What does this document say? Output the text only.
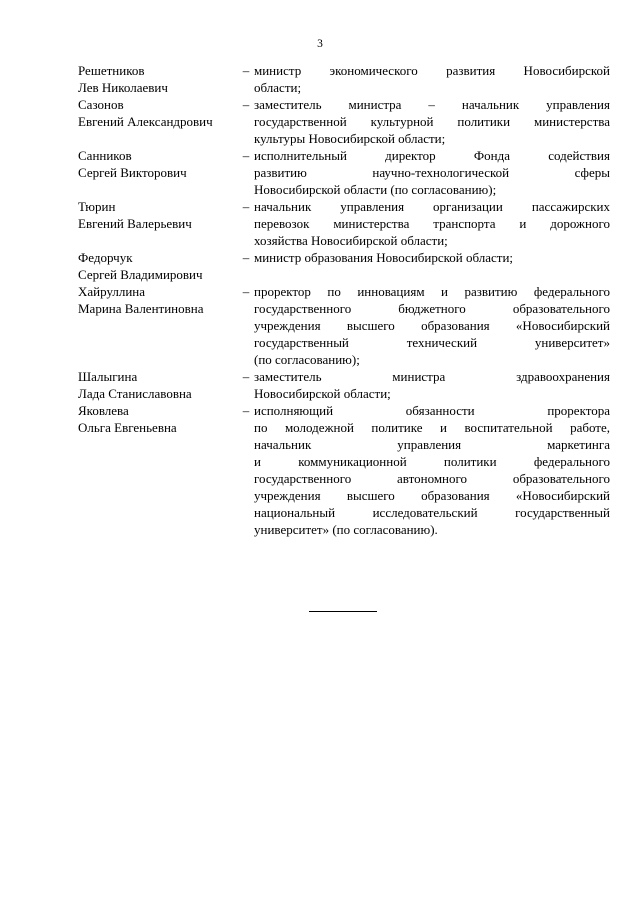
3
Решетников
Лев Николаевич
– министр экономического развития Новосибирской
области;
Сазонов
Евгений Александрович
– заместитель министра – начальник управления
государственной культурной политики министерства
культуры Новосибирской области;
Санников
Сергей Викторович
– исполнительный директор Фонда содействия
развитию научно-технологической сферы
Новосибирской области (по согласованию);
Тюрин
Евгений Валерьевич
– начальник управления организации пассажирских
перевозок министерства транспорта и дорожного
хозяйства Новосибирской области;
Федорчук
Сергей Владимирович
– министр образования Новосибирской области;
Хайруллина
Марина Валентиновна
– проректор по инновациям и развитию федерального
государственного бюджетного образовательного
учреждения высшего образования «Новосибирский
государственный технический университет»
(по согласованию);
Шалыгина
Лада Станиславовна
– заместитель министра здравоохранения
Новосибирской области;
Яковлева
Ольга Евгеньевна
– исполняющий обязанности проректора
по молодежной политике и воспитательной работе,
начальник управления маркетинга
и коммуникационной политики федерального
государственного автономного образовательного
учреждения высшего образования «Новосибирский
национальный исследовательский государственный
университет» (по согласованию).
